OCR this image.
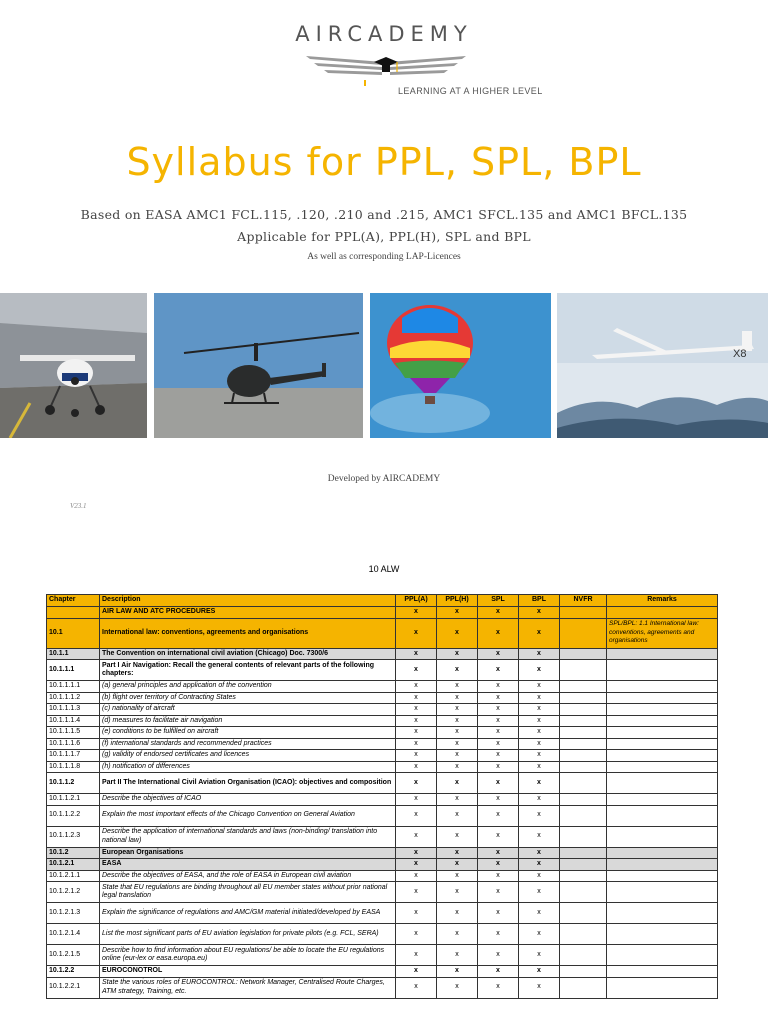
AIRCADEMY
LEARNING AT A HIGHER LEVEL
Syllabus for PPL, SPL, BPL
Based on EASA AMC1 FCL.115, .120, .210 and .215, AMC1 SFCL.135 and AMC1 BFCL.135
Applicable for PPL(A), PPL(H), SPL and BPL
As well as corresponding LAP-Licences
X8
Developed by AIRCADEMY
V23.1
10 ALW
Chapter	Description	PPL(A)	PPL(H)	SPL	BPL	NVFR	Remarks
	AIR LAW AND ATC PROCEDURES	x	x	x	x		
10.1	International law: conventions, agreements and organisations	x	x	x	x		SPL/BPL: 1.1 International law: conventions, agreements and organisations
10.1.1	The Convention on international civil aviation (Chicago) Doc. 7300/6	x	x	x	x		
10.1.1.1	Part I Air Navigation: Recall the general contents of relevant parts of the following chapters:	x	x	x	x		
10.1.1.1.1	(a) general principles and application of the convention	x	x	x	x		
10.1.1.1.2	(b) flight over territory of Contracting States	x	x	x	x		
10.1.1.1.3	(c) nationality of aircraft	x	x	x	x		
10.1.1.1.4	(d) measures to facilitate air navigation	x	x	x	x		
10.1.1.1.5	(e) conditions to be fulfilled on aircraft	x	x	x	x		
10.1.1.1.6	(f) international standards and recommended practices	x	x	x	x		
10.1.1.1.7	(g) validity of endorsed certificates and licences	x	x	x	x		
10.1.1.1.8	(h) notification of differences	x	x	x	x		
10.1.1.2	Part II The International Civil Aviation Organisation (ICAO): objectives and composition	x	x	x	x		
10.1.1.2.1	Describe the objectives of ICAO	x	x	x	x		
10.1.1.2.2	Explain the most important effects of the Chicago Convention on General Aviation	x	x	x	x		
10.1.1.2.3	Describe the application of international standards and laws (non-binding/ translation into national law)	x	x	x	x		
10.1.2	European Organisations	x	x	x	x		
10.1.2.1	EASA	x	x	x	x		
10.1.2.1.1	Describe the objectives of EASA, and the role of EASA in European civil aviation	x	x	x	x		
10.1.2.1.2	State that EU regulations are binding throughout all EU member states without prior national legal translation	x	x	x	x		
10.1.2.1.3	Explain the significance of regulations and AMC/GM material initiated/developed by EASA	x	x	x	x		
10.1.2.1.4	List the most significant parts of EU aviation legislation for private pilots (e.g. FCL, SERA)	x	x	x	x		
10.1.2.1.5	Describe how to find information about EU regulations/ be able to locate the EU regulations online (eur-lex or easa.europa.eu)	x	x	x	x		
10.1.2.2	EUROCONOTROL	x	x	x	x		
10.1.2.2.1	State the various roles of EUROCONTROL: Network Manager, Centralised Route Charges, ATM strategy, Training, etc.	x	x	x	x		
